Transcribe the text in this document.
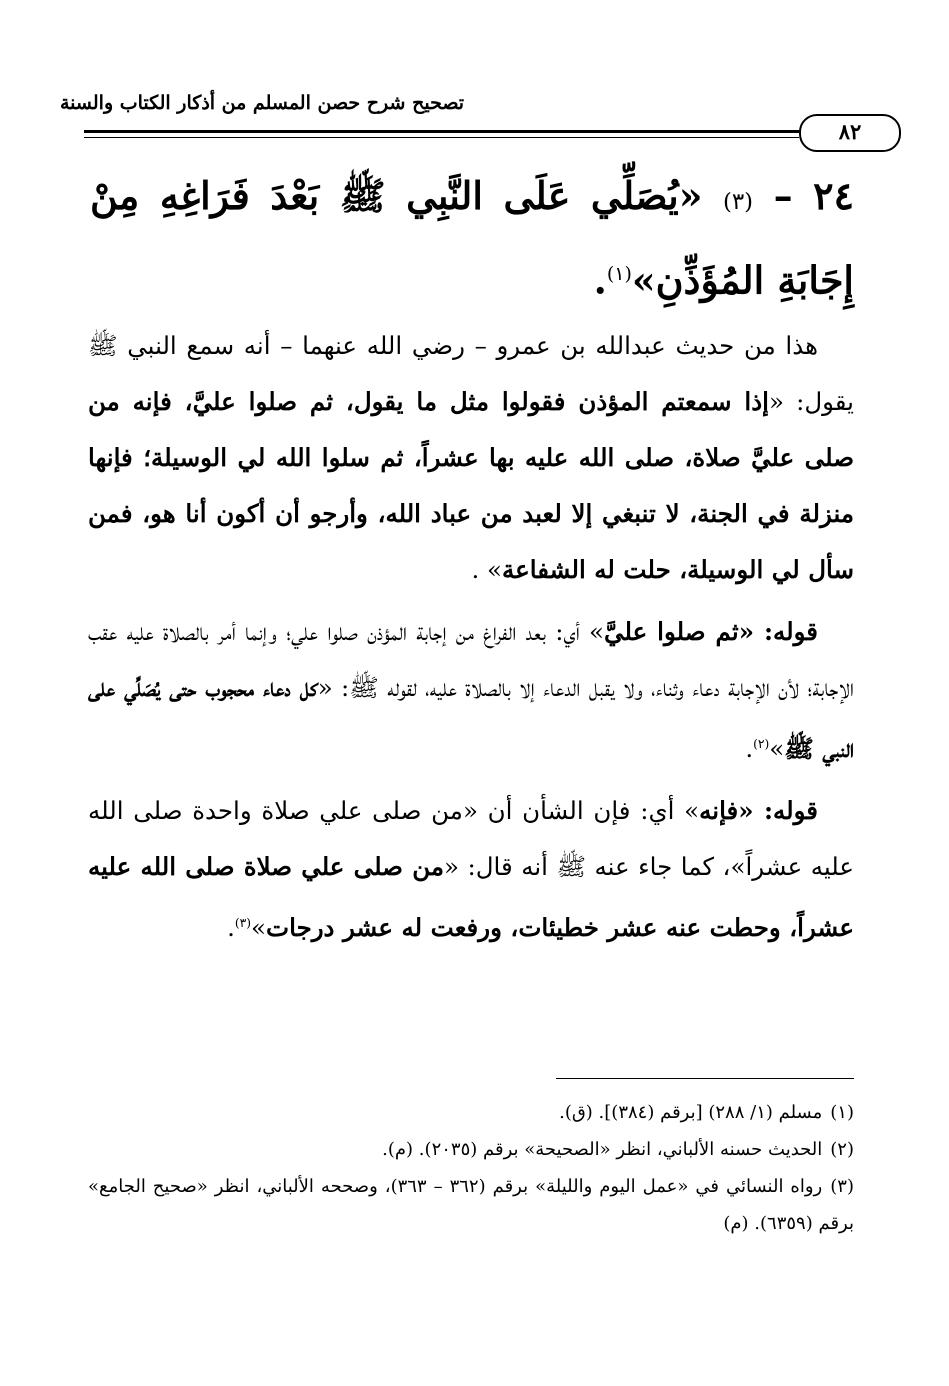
تصحيح شرح حصن المسلم من أذكار الكتاب والسنة
٨٢
٢٤ – (٣) «يُصَلِّي عَلَى النَّبِي ﷺ بَعْدَ فَرَاغِهِ مِنْ إِجَابَةِ المُؤَذِّنِ»$^{(١)}$.

هذا من حديث عبدالله بن عمرو – رضي الله عنهما – أنه سمع النبي ﷺ يقول: «إذا سمعتم المؤذن فقولوا مثل ما يقول، ثم صلوا عليَّ، فإنه من صلى عليَّ صلاة، صلى الله عليه بها عشراً، ثم سلوا الله لي الوسيلة؛ فإنها منزلة في الجنة، لا تنبغي إلا لعبد من عباد الله، وأرجو أن أكون أنا هو، فمن سأل لي الوسيلة، حلت له الشفاعة» .

قوله: «ثم صلوا عليَّ» أي: بعد الفراغ من إجابة المؤذن صلوا علي؛ وإنما أمر بالصلاة عليه عقب الإجابة؛ لأن الإجابة دعاء وثناء، ولا يقبل الدعاء إلا بالصلاة عليه، لقوله ﷺ: «كل دعاء محجوب حتى يُصَلِّي على النبي ﷺ»$^{(٢)}$.

قوله: «فإنه» أي: فإن الشأن أن «من صلى علي صلاة واحدة صلى الله عليه عشراً»، كما جاء عنه ﷺ أنه قال: «من صلى علي صلاة صلى الله عليه عشراً، وحطت عنه عشر خطيئات، ورفعت له عشر درجات»$^{(٣)}$.

(١)مسلم (١/ ٢٨٨) [برقم (٣٨٤)]. (ق).

(٢)الحديث حسنه الألباني، انظر «الصحيحة» برقم (٢٠٣٥). (م).

(٣)رواه النسائي في «عمل اليوم والليلة» برقم (٣٦٢ – ٣٦٣)، وصححه الألباني، انظر «صحيح الجامع» برقم (٦٣٥٩). (م)
